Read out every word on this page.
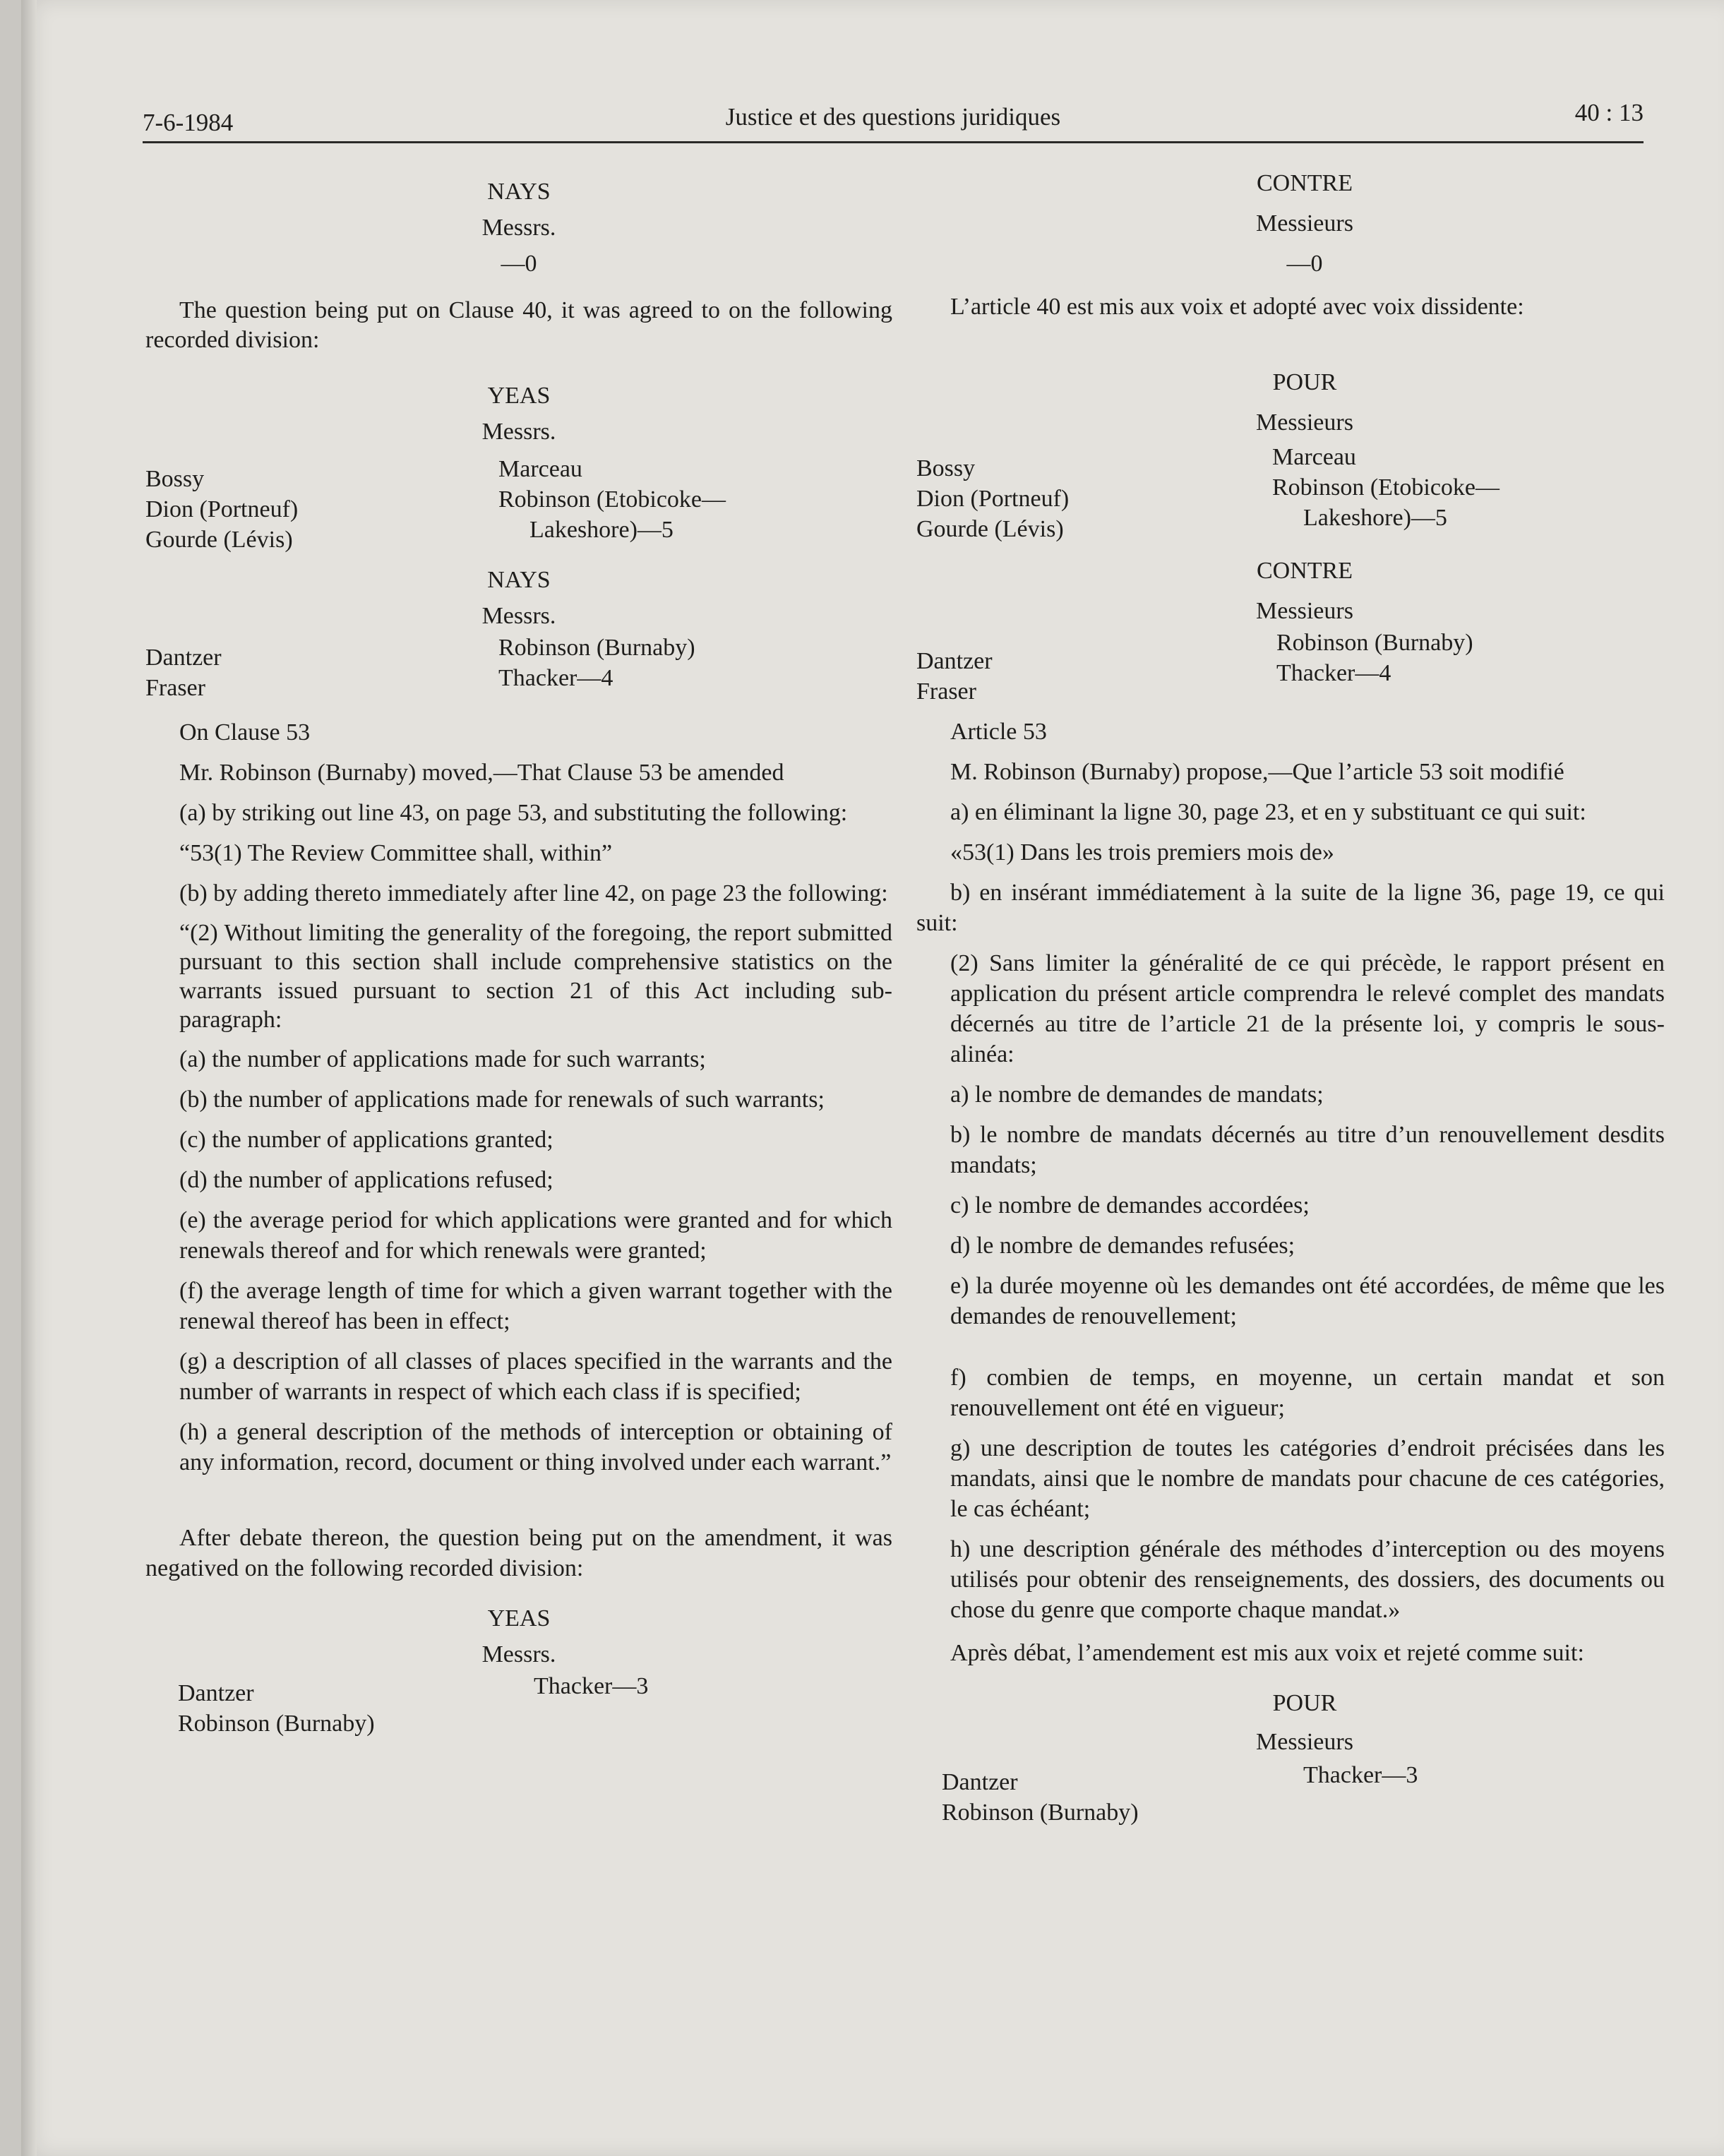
7-6-1984	Justice et des questions juridiques	40 : 13

NAYS

Messrs.

—0

The question being put on Clause 40, it was agreed to on the following recorded division:

YEAS

Messrs.

Bossy
Dion (Portneuf)
Gourde (Lévis)
Marceau
Robinson (Etobicoke—
Lakeshore)—5

NAYS

Messrs.

Dantzer
Fraser
Robinson (Burnaby)
Thacker—4

On Clause 53

Mr. Robinson (Burnaby) moved,—That Clause 53 be amended

(a) by striking out line 43, on page 53, and substituting the following:

“53(1) The Review Committee shall, within”

(b) by adding thereto immediately after line 42, on page 23 the following:

“(2) Without limiting the generality of the foregoing, the report submitted pursuant to this section shall include comprehensive statistics on the warrants issued pursuant to section 21 of this Act including sub-paragraph:

(a) the number of applications made for such warrants;

(b) the number of applications made for renewals of such warrants;

(c) the number of applications granted;

(d) the number of applications refused;

(e) the average period for which applications were granted and for which renewals thereof and for which renewals were granted;

(f) the average length of time for which a given warrant together with the renewal thereof has been in effect;

(g) a description of all classes of places specified in the warrants and the number of warrants in respect of which each class if is specified;

(h) a general description of the methods of interception or obtaining of any information, record, document or thing involved under each warrant.”

After debate thereon, the question being put on the amendment, it was negatived on the following recorded division:

YEAS

Messrs.

Dantzer
Robinson (Burnaby)
Thacker—3

CONTRE

Messieurs

—0

L’article 40 est mis aux voix et adopté avec voix dissidente:

POUR

Messieurs

Bossy
Dion (Portneuf)
Gourde (Lévis)
Marceau
Robinson (Etobicoke—
Lakeshore)—5

CONTRE

Messieurs

Dantzer
Fraser
Robinson (Burnaby)
Thacker—4

Article 53

M. Robinson (Burnaby) propose,—Que l’article 53 soit modifié

a) en éliminant la ligne 30, page 23, et en y substituant ce qui suit:

«53(1) Dans les trois premiers mois de»

b) en insérant immédiatement à la suite de la ligne 36, page 19, ce qui suit:

(2) Sans limiter la généralité de ce qui précède, le rapport présent en application du présent article comprendra le relevé complet des mandats décernés au titre de l’article 21 de la présente loi, y compris le sous-alinéa:

a) le nombre de demandes de mandats;

b) le nombre de mandats décernés au titre d’un renouvellement desdits mandats;

c) le nombre de demandes accordées;

d) le nombre de demandes refusées;

e) la durée moyenne où les demandes ont été accordées, de même que les demandes de renouvellement;

f) combien de temps, en moyenne, un certain mandat et son renouvellement ont été en vigueur;

g) une description de toutes les catégories d’endroit précisées dans les mandats, ainsi que le nombre de mandats pour chacune de ces catégories, le cas échéant;

h) une description générale des méthodes d’interception ou des moyens utilisés pour obtenir des renseignements, des dossiers, des documents ou chose du genre que comporte chaque mandat.»

Après débat, l’amendement est mis aux voix et rejeté comme suit:

POUR

Messieurs

Dantzer
Robinson (Burnaby)
Thacker—3
